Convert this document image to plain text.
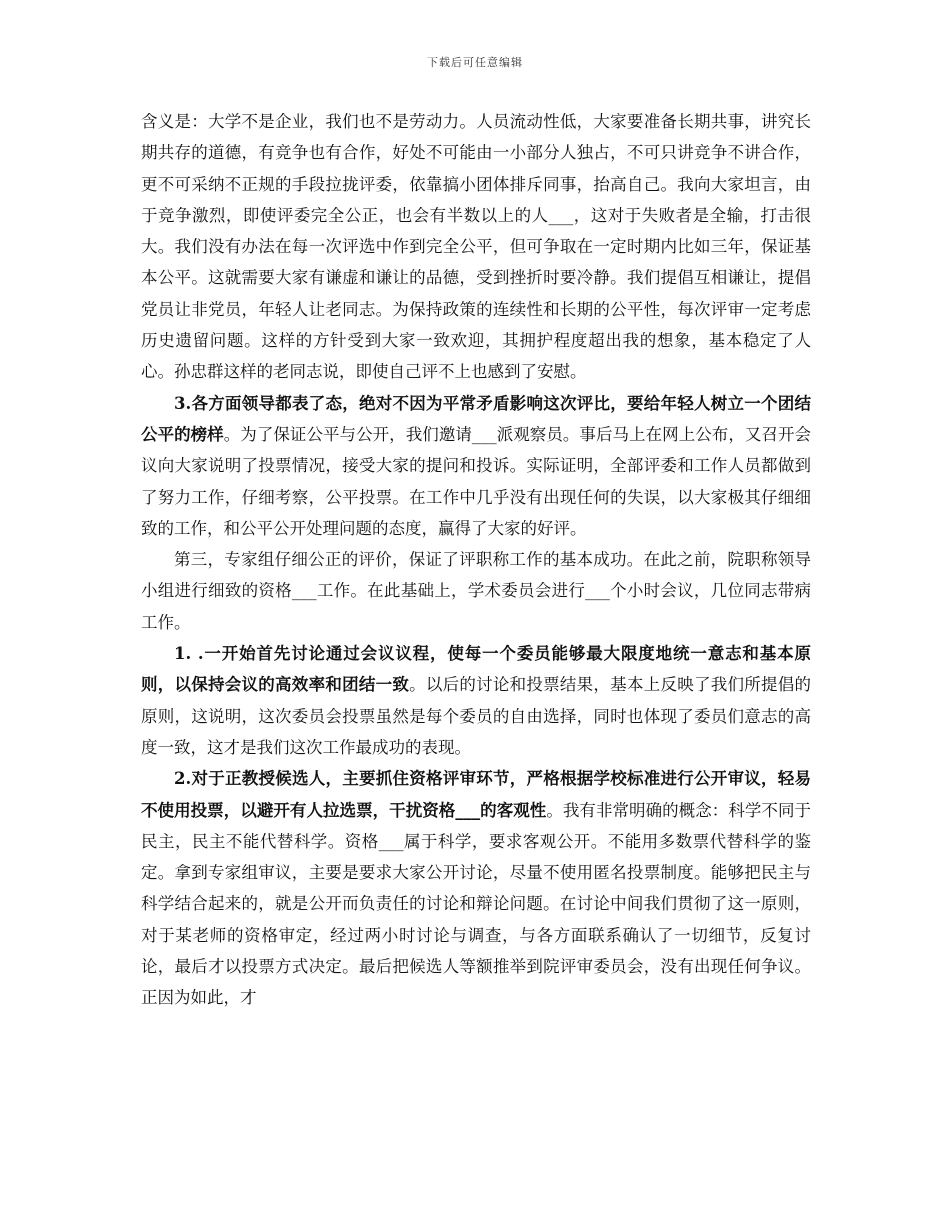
下载后可任意编辑

含义是：大学不是企业，我们也不是劳动力。人员流动性低，大家要准备长期共事，讲究长期共存的道德，有竞争也有合作，好处不可能由一小部分人独占，不可只讲竞争不讲合作，更不可采纳不正规的手段拉拢评委，依靠搞小团体排斥同事，抬高自己。我向大家坦言，由于竞争激烈，即使评委完全公正，也会有半数以上的人___，这对于失败者是全输，打击很大。我们没有办法在每一次评选中作到完全公平，但可争取在一定时期内比如三年，保证基本公平。这就需要大家有谦虚和谦让的品德，受到挫折时要冷静。我们提倡互相谦让，提倡党员让非党员，年轻人让老同志。为保持政策的连续性和长期的公平性，每次评审一定考虑历史遗留问题。这样的方针受到大家一致欢迎，其拥护程度超出我的想象，基本稳定了人心。孙忠群这样的老同志说，即使自己评不上也感到了安慰。

3.各方面领导都表了态，绝对不因为平常矛盾影响这次评比，要给年轻人树立一个团结公平的榜样。为了保证公平与公开，我们邀请___派观察员。事后马上在网上公布，又召开会议向大家说明了投票情况，接受大家的提问和投诉。实际证明，全部评委和工作人员都做到了努力工作，仔细考察，公平投票。在工作中几乎没有出现任何的失误，以大家极其仔细细致的工作，和公平公开处理问题的态度，赢得了大家的好评。

第三，专家组仔细公正的评价，保证了评职称工作的基本成功。在此之前，院职称领导小组进行细致的资格___工作。在此基础上，学术委员会进行___个小时会议，几位同志带病工作。

1. .一开始首先讨论通过会议议程，使每一个委员能够最大限度地统一意志和基本原则，以保持会议的高效率和团结一致。以后的讨论和投票结果，基本上反映了我们所提倡的原则，这说明，这次委员会投票虽然是每个委员的自由选择，同时也体现了委员们意志的高度一致，这才是我们这次工作最成功的表现。

2.对于正教授候选人，主要抓住资格评审环节，严格根据学校标准进行公开审议，轻易不使用投票，以避开有人拉选票，干扰资格___的客观性。我有非常明确的概念：科学不同于民主，民主不能代替科学。资格___属于科学，要求客观公开。不能用多数票代替科学的鉴定。拿到专家组审议，主要是要求大家公开讨论，尽量不使用匿名投票制度。能够把民主与科学结合起来的，就是公开而负责任的讨论和辩论问题。在讨论中间我们贯彻了这一原则，对于某老师的资格审定，经过两小时讨论与调查，与各方面联系确认了一切细节，反复讨论，最后才以投票方式决定。最后把候选人等额推举到院评审委员会，没有出现任何争议。正因为如此，才
